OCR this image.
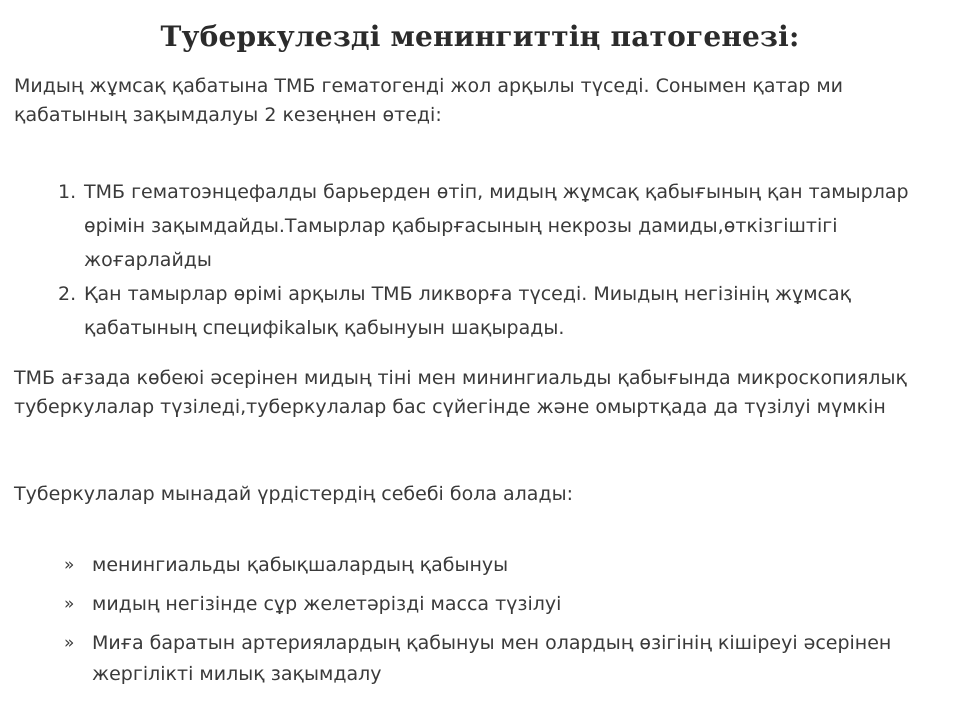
Туберкулезді менингиттің патогенезі:
Мидың жұмсақ қабатына ТМБ гематогенді жол арқылы түседі. Сонымен қатар ми қабатының зақымдалуы 2 кезеңнен өтеді:
1. ТМБ гематоэнцефалды барьерден өтіп, мидың жұмсақ қабығының қан тамырлар өрімін зақымдайды.Тамырлар қабырғасының некрозы дамиды,өткізгіштігі жоғарлайды
2. Қан тамырлар өрімі арқылы ТМБ ликворға түседі. Миыдың негізінің жұмсақ қабатының специфikalық қабынуын шақырады.
ТМБ ағзада көбеюі әсерінен мидың тіні мен минингиальды қабығында микроскопиялық туберкулалар түзіледі,туберкулалар бас сүйегінде және омыртқада да түзілуі мүмкін
Туберкулалар мынадай үрдістердің себебі бола алады:
» менингиальды қабықшалардың қабынуы
» мидың негізінде сұр желетәрізді масса түзілуі
» Миға баратын артериялардың қабынуы мен олардың өзігінің кішіреуі әсерінен жергілікті милық зақымдалу
